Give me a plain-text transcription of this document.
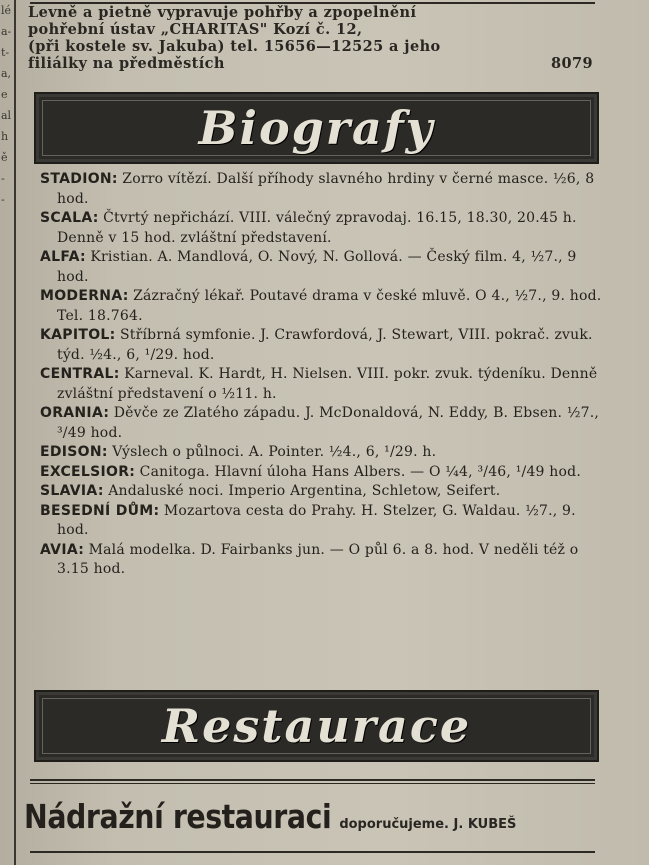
lé
a-
t-
a,
e
al
h
ě
-
-
Levně a pietně vypravuje pohřby a zpopelnění
pohřební ústav „CHARITAS" Kozí č. 12,
(při kostele sv. Jakuba) tel. 15656—12525 a jeho
filiálky na předměstích	8079
Biografy

STADION: Zorro vítězí. Další příhody slavného hrdiny v černé masce. ½6, 8 hod.

SCALA: Čtvrtý nepřichází. VIII. válečný zpravodaj. 16.15, 18.30, 20.45 h. Denně v 15 hod. zvláštní představení.

ALFA: Kristian. A. Mandlová, O. Nový, N. Gollová. — Český film. 4, ½7., 9 hod.

MODERNA: Zázračný lékař. Poutavé drama v české mluvě. O 4., ½7., 9. hod. Tel. 18.764.

KAPITOL: Stříbrná symfonie. J. Crawfordová, J. Stewart, VIII. pokrač. zvuk. týd. ½4., 6, ¹/29. hod.

CENTRAL: Karneval. K. Hardt, H. Nielsen. VIII. pokr. zvuk. týdeníku. Denně zvláštní představení o ½11. h.

ORANIA: Děvče ze Zlatého západu. J. McDonaldová, N. Eddy, B. Ebsen. ½7., ³/49 hod.

EDISON: Výslech o půlnoci. A. Pointer. ½4., 6, ¹/29. h.

EXCELSIOR: Canitoga. Hlavní úloha Hans Albers. — O ¼4, ³/46, ¹/49 hod.

SLAVIA: Andaluské noci. Imperio Argentina, Schletow, Seifert.

BESEDNÍ DŮM: Mozartova cesta do Prahy. H. Stelzer, G. Waldau. ½7., 9. hod.

AVIA: Malá modelka. D. Fairbanks jun. — O půl 6. a 8. hod. V neděli též o 3.15 hod.

Restaurace
Nádražní restauraci doporučujeme. J. KUBEŠ
